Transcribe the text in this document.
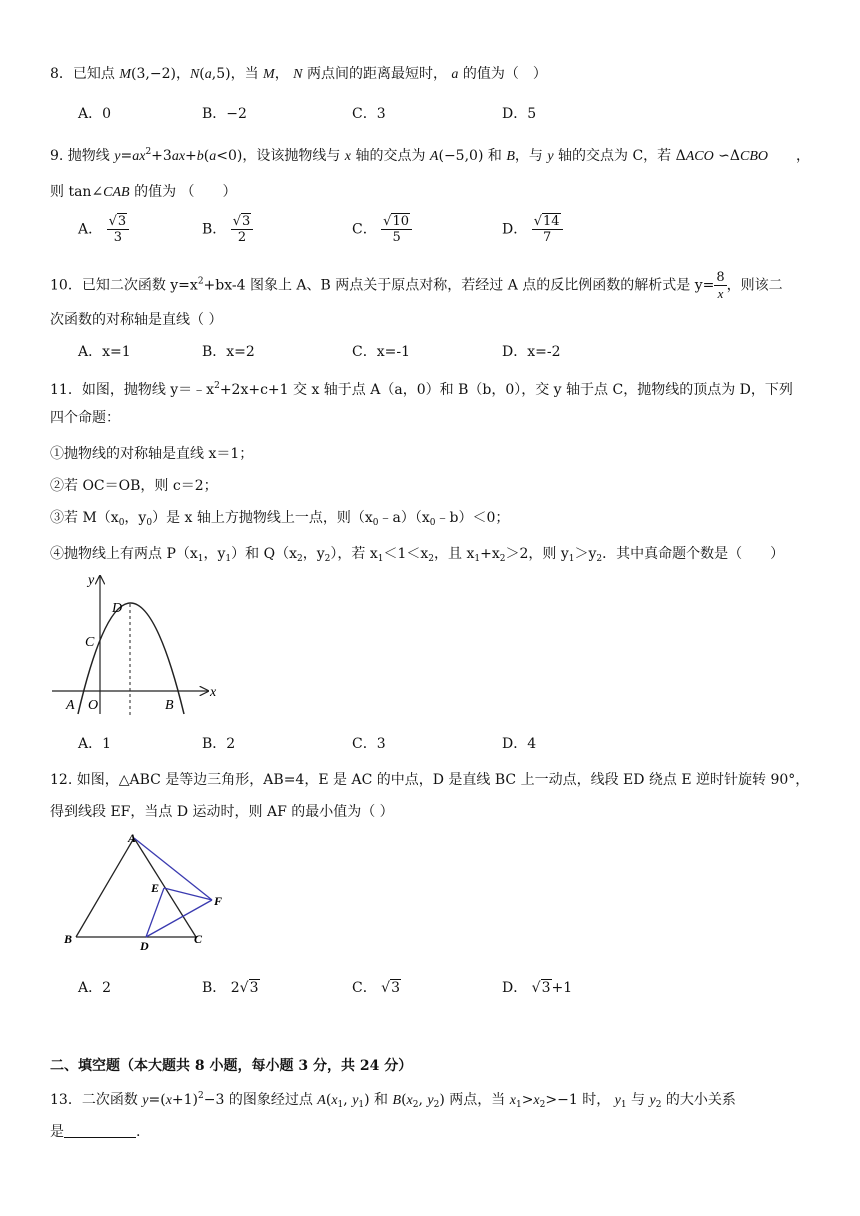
8．已知点 M(3,−2)，N(a,5)，当 M， N 两点间的距离最短时， a 的值为（　）
A．0	B．−2	C．3	D．5
9. 抛物线 $y=ax^2+3ax+b(a<0)$，设该抛物线与 x 轴的交点为 A(−5,0) 和 B，与 y 轴的交点为 C，若 ΔACO ∽ΔCBO　　，
则 tan∠CAB 的值为 （　　）
A． $\frac{√3}{3}$	B． $\frac{√3}{2}$	C． $\frac{√10}{5}$	D． $\frac{√14}{7}$
10．已知二次函数 $y=x^2+bx-4$ 图象上 A、B 两点关于原点对称，若经过 A 点的反比例函数的解析式是 $y= \frac{8}{x}$ ，则该二
次函数的对称轴是直线（ ）
A．x=1	B．x=2	C．x=-1	D．x=-2
11．如图，抛物线 $y=﹣x^2+2x+c+1$ 交 x 轴于点 A（a，0）和 B（b，0），交 y 轴于点 C，抛物线的顶点为 D，下列
四个命题：
①抛物线的对称轴是直线 x＝1；
②若 OC＝OB，则 c＝2；
③若 $M(x_0$，$y_0$）是 x 轴上方抛物线上一点，则$(x_0﹣a)(x_0﹣b)<0$；
④抛物线上有两点 $P(x_1$，$y_1$）和 $Q(x_2$，$y_2$），若 $x_1<1<x_2$，且 $x_1+x_2>2$，则 $y_1>y_2$．其中真命题个数是（　　）
y
x
D
C
A O	B
A．1	B．2	C．3	D．4
12. 如图，△ABC 是等边三角形，AB=4，E 是 AC 的中点，D 是直线 BC 上一动点，线段 ED 绕点 E 逆时针旋转 90°，
得到线段 EF，当点 D 运动时，则 AF 的最小值为（ ）
A
E
F
B	D	C
A．2	B． 2√3	C． √3	D． √3+1
二、填空题（本大题共 8 小题，每小题 3 分，共 24 分）
13．二次函数 $y=(x+1)^2-3$ 的图象经过点 $A(x_1$, $y_1$) 和 $B(x_2$, $y_2$) 两点，当 $x_1>x_2>-1$ 时， $y_1$ 与 $y_2$ 的大小关系
是	.
